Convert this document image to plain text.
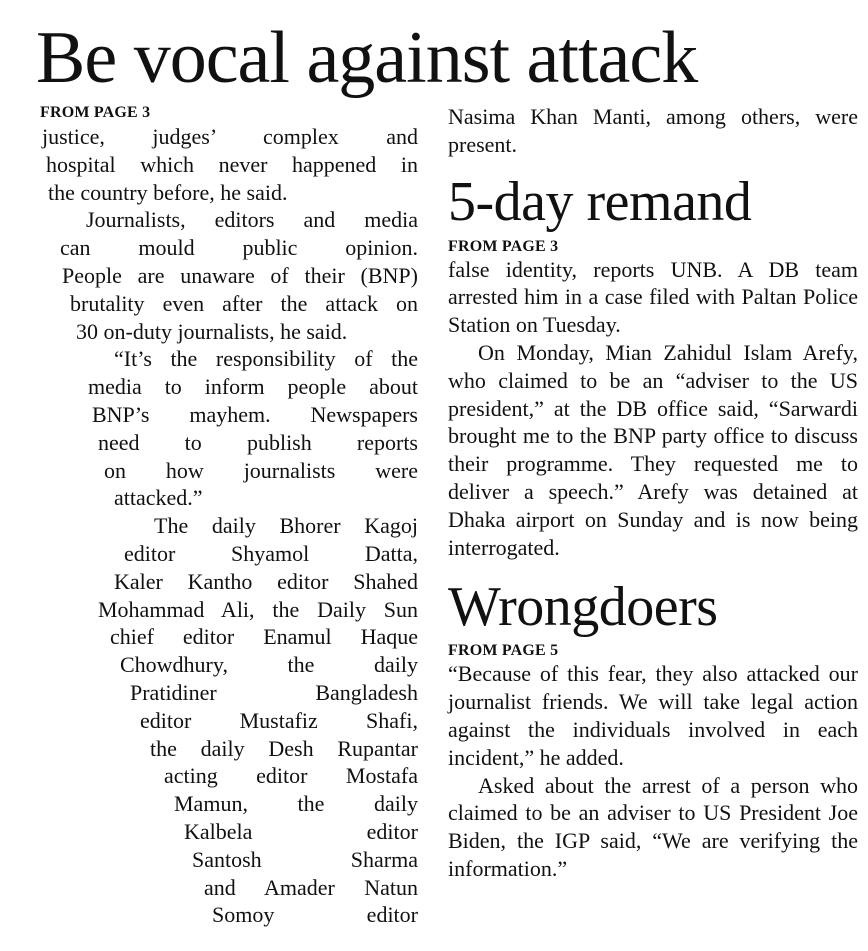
Be vocal against attack
FROM PAGE 3
justice, judges’ complex and
hospital which never happened in
the country before, he said.
Journalists, editors and media
can mould public opinion.
People are unaware of their (BNP)
brutality even after the attack on
30 on-duty journalists, he said.
“It’s the responsibility of the
media to inform people about
BNP’s mayhem. Newspapers
need to publish reports
on how journalists were
attacked.”
The daily Bhorer Kagoj
editor Shyamol Datta,
Kaler Kantho editor Shahed
Mohammad Ali, the Daily Sun
chief editor Enamul Haque
Chowdhury, the daily
Pratidiner Bangladesh
editor Mustafiz Shafi,
the daily Desh Rupantar
acting editor Mostafa
Mamun, the daily
Kalbela editor
Santosh Sharma
and Amader Natun
Somoy editor
Nasima Khan Manti, among others, were present.
5-day remand
FROM PAGE 3

false identity, reports UNB. A DB team arrested him in a case filed with Paltan Police Station on Tuesday.

On Monday, Mian Zahidul Islam Arefy, who claimed to be an “adviser to the US president,” at the DB office said, “Sarwardi brought me to the BNP party office to discuss their programme. They requested me to deliver a speech.” Arefy was detained at Dhaka airport on Sunday and is now being interrogated.

Wrongdoers
FROM PAGE 5

“Because of this fear, they also attacked our journalist friends. We will take legal action against the individuals involved in each incident,” he added.

Asked about the arrest of a person who claimed to be an adviser to US President Joe Biden, the IGP said, “We are verifying the information.”
